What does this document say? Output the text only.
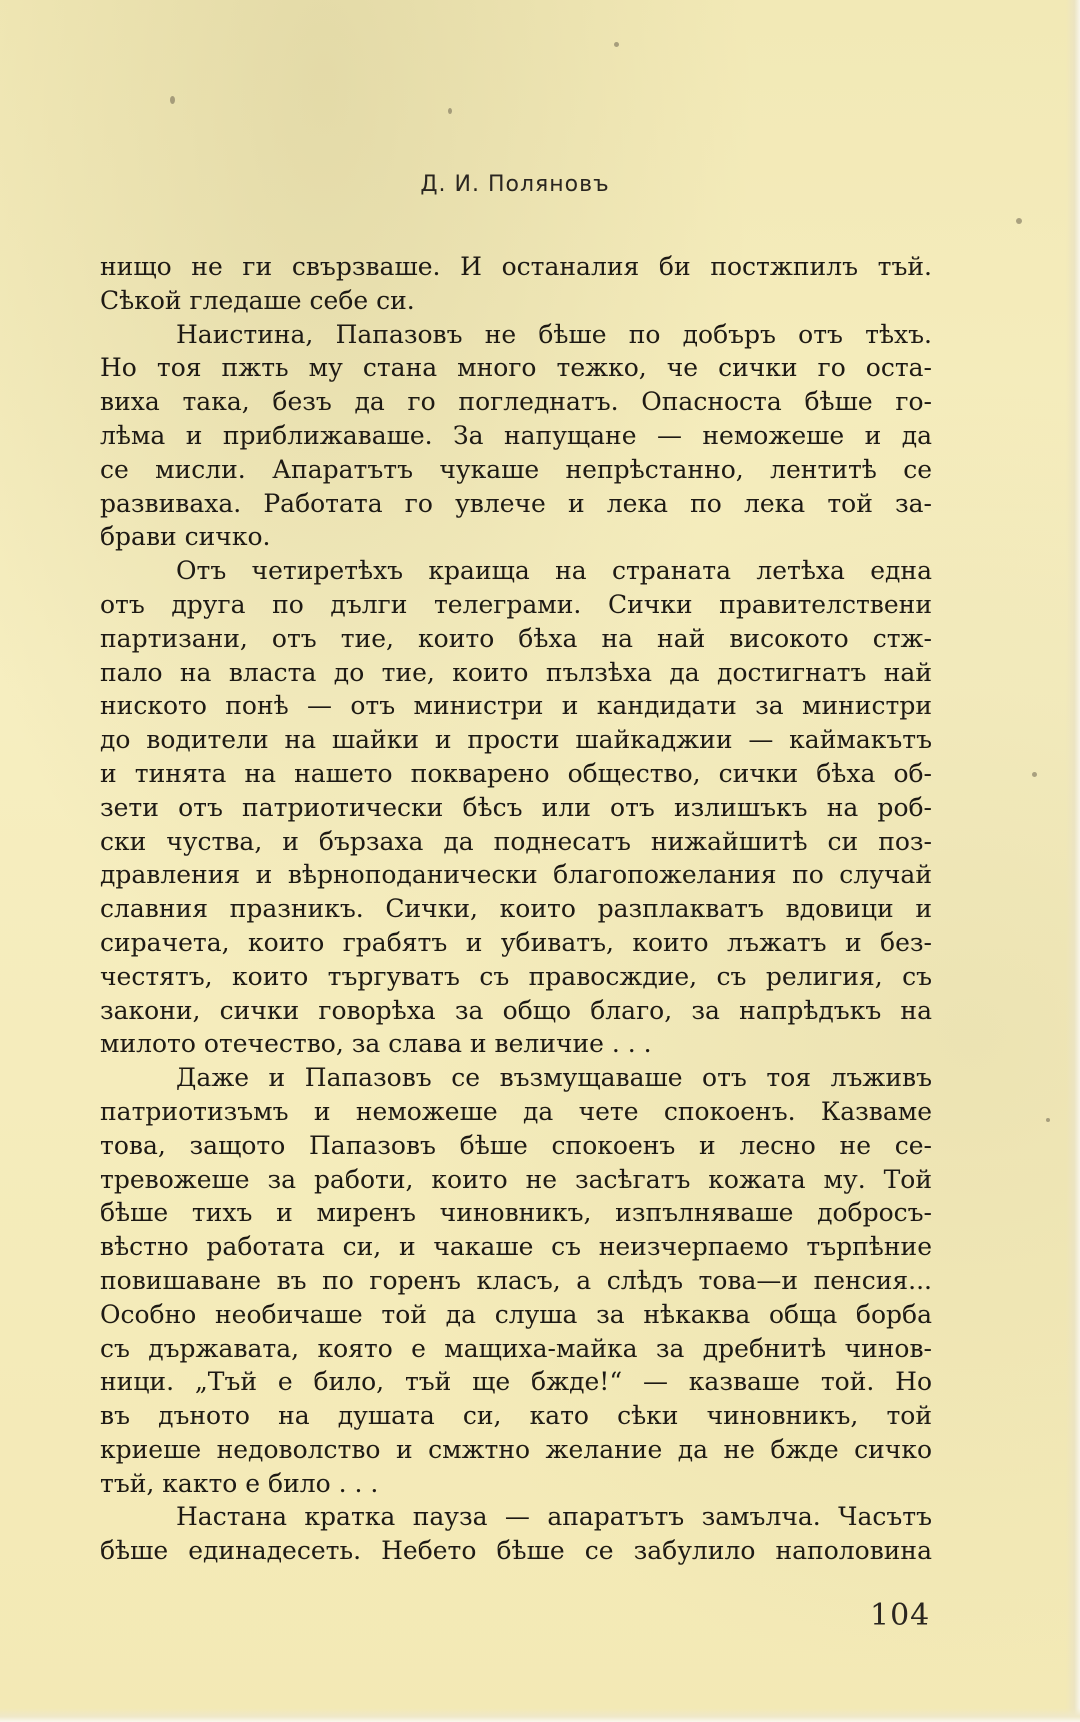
Д. И. Поляновъ
нищо не ги свързваше. И останалия би постжпилъ тъй.
Сѣкой гледаше себе си.
Наистина, Папазовъ не бѣше по добъръ отъ тѣхъ.
Но тоя пжть му стана много тежко, че сички го оста-
виха така, безъ да го погледнатъ. Опасноста бѣше го-
лѣма и приближаваше. За напущане — неможеше и да
се мисли. Апаратътъ чукаше непрѣстанно, лентитѣ се
развиваха. Работата го увлече и лека по лека той за-
брави сичко.
Отъ четиретѣхъ краища на страната летѣха една
отъ друга по дълги телеграми. Сички правителствени
партизани, отъ тие, които бѣха на най високото стж-
пало на власта до тие, които пълзѣха да достигнатъ най
ниското понѣ — отъ министри и кандидати за министри
до водители на шайки и прости шайкаджии — каймакътъ
и тинята на нашето покварено общество, сички бѣха об-
зети отъ патриотически бѣсъ или отъ излишъкъ на роб-
ски чуства, и бързаха да поднесатъ нижайшитѣ си поз-
дравления и вѣрноподанически благопожелания по случай
славния празникъ. Сички, които разплакватъ вдовици и
сирачета, които грабятъ и убиватъ, които лъжатъ и без-
честятъ, които търгуватъ съ правосждие, съ религия, съ
закони, сички говорѣха за общо благо, за напрѣдъкъ на
милото отечество, за слава и величие . . .
Даже и Папазовъ се възмущаваше отъ тоя лъживъ
патриотизъмъ и неможеше да чете спокоенъ. Казваме
това, защото Папазовъ бѣше спокоенъ и лесно не се-
тревожеше за работи, които не засѣгатъ кожата му. Той
бѣше тихъ и миренъ чиновникъ, изпълняваше добросъ-
вѣстно работата си, и чакаше съ неизчерпаемо търпѣние
повишаване въ по горенъ класъ, а слѣдъ това—и пенсия...
Особно необичаше той да слуша за нѣкаква обща борба
съ държавата, която е мащиха-майка за дребнитѣ чинов-
ници. „Тъй е било, тъй ще бжде!“ — казваше той. Но
въ дъното на душата си, като сѣки чиновникъ, той
криеше недоволство и смжтно желание да не бжде сичко
тъй, както е било . . .
Настана кратка пауза — апаратътъ замълча. Часътъ
бѣше единадесеть. Небето бѣше се забулило наполовина
104
